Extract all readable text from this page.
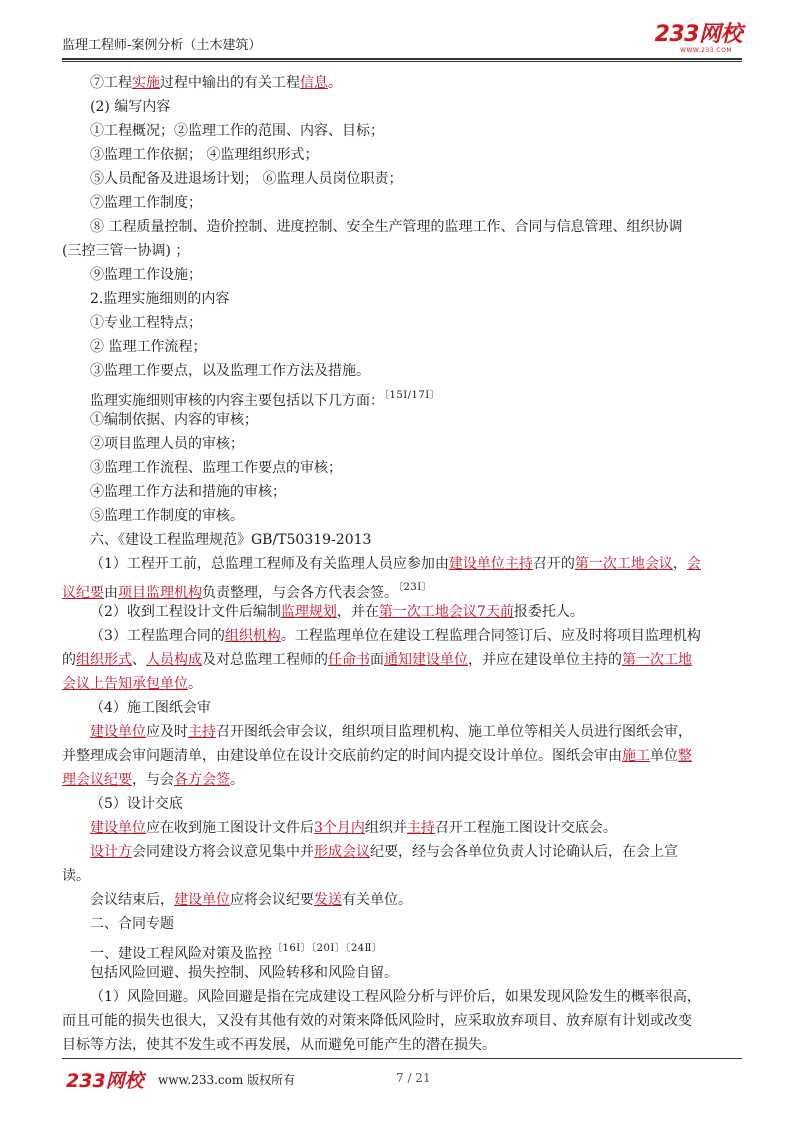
监理工程师-案例分析（土木建筑）	233网校
WWW.233.COM
⑦工程实施过程中输出的有关工程信息。
(2) 编写内容
①工程概况；②监理工作的范围、内容、目标；
③监理工作依据； ④监理组织形式；
⑤人员配备及进退场计划； ⑥监理人员岗位职责；
⑦监理工作制度；
⑧ 工程质量控制、造价控制、进度控制、安全生产管理的监理工作、合同与信息管理、组织协调
(三控三管一协调) ；
⑨监理工作设施；
2.监理实施细则的内容
①专业工程特点；
② 监理工作流程；
③监理工作要点，以及监理工作方法及措施。
监理实施细则审核的内容主要包括以下几方面：$^{〔15Ⅰ/17Ⅰ〕}$
①编制依据、内容的审核；
②项目监理人员的审核；
③监理工作流程、监理工作要点的审核；
④监理工作方法和措施的审核；
⑤监理工作制度的审核。
六、《建设工程监理规范》GB/T50319-2013
（1）工程开工前，总监理工程师及有关监理人员应参加由建设单位主持召开的第一次工地会议，会
议纪要由项目监理机构负责整理，与会各方代表会签。$^{〔23Ⅰ〕}$
（2）收到工程设计文件后编制监理规划，并在第一次工地会议7天前报委托人。
（3）工程监理合同的组织机构。工程监理单位在建设工程监理合同签订后、应及时将项目监理机构
的组织形式、人员构成及对总监理工程师的任命书面通知建设单位，并应在建设单位主持的第一次工地
会议上告知承包单位。
（4）施工图纸会审
建设单位应及时主持召开图纸会审会议，组织项目监理机构、施工单位等相关人员进行图纸会审，
并整理成会审问题清单，由建设单位在设计交底前约定的时间内提交设计单位。图纸会审由施工单位整
理会议纪要，与会各方会签。
（5）设计交底
建设单位应在收到施工图设计文件后3个月内组织并主持召开工程施工图设计交底会。
设计方会同建设方将会议意见集中并形成会议纪要，经与会各单位负责人讨论确认后，在会上宣
读。
会议结束后，建设单位应将会议纪要发送有关单位。
二、合同专题
一、建设工程风险对策及监控$^{〔16Ⅰ〕〔20Ⅰ〕〔24Ⅱ〕}$
包括风险回避、损失控制、风险转移和风险自留。
（1）风险回避。风险回避是指在完成建设工程风险分析与评价后，如果发现风险发生的概率很高，
而且可能的损失也很大，又没有其他有效的对策来降低风险时，应采取放弃项目、放弃原有计划或改变
目标等方法，使其不发生或不再发展，从而避免可能产生的潜在损失。
233网校 www.233.com 版权所有	7 / 21
